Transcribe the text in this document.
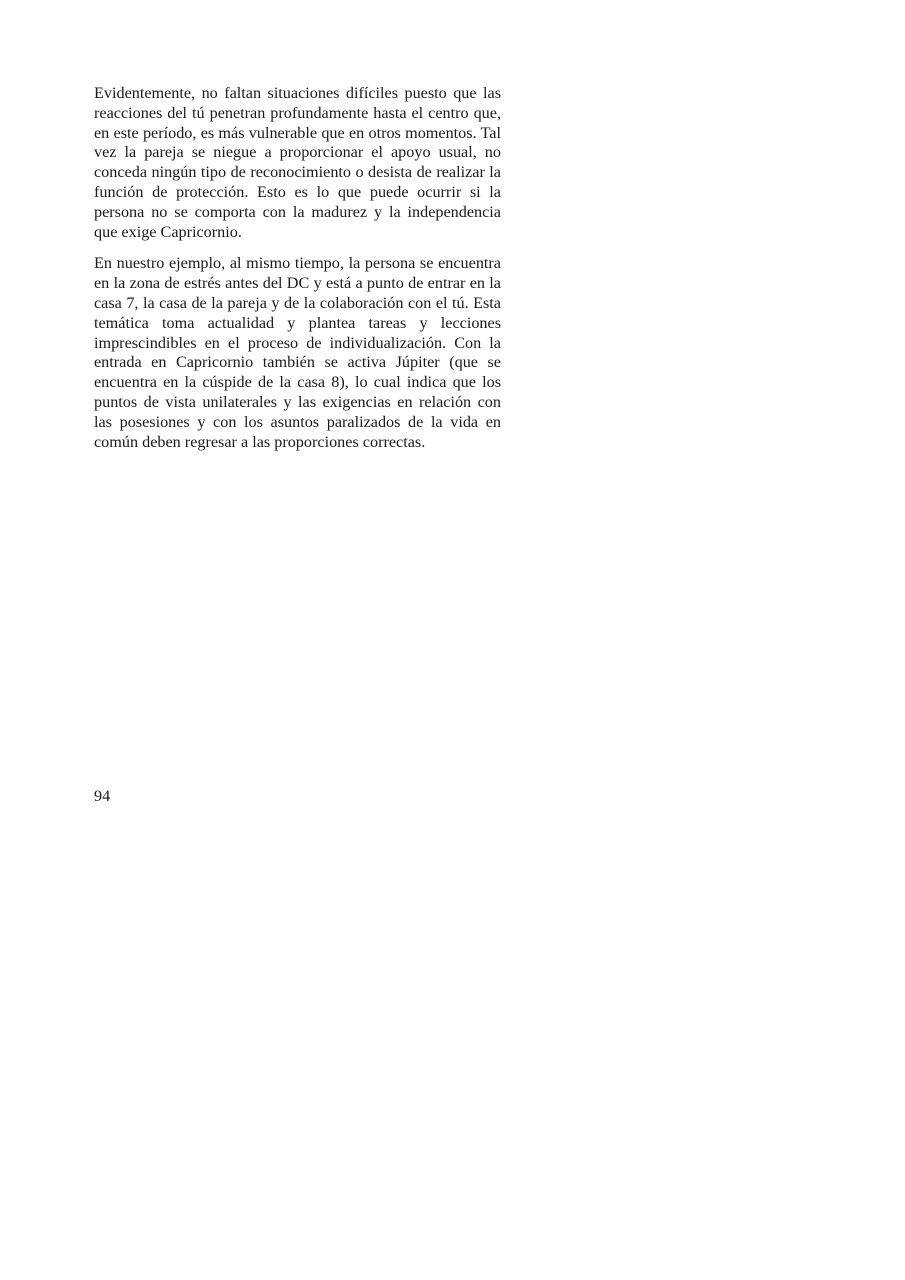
Evidentemente, no faltan situaciones difíciles puesto que las reacciones del tú penetran profundamente hasta el centro que, en este período, es más vulnerable que en otros momentos. Tal vez la pareja se niegue a proporcionar el apoyo usual, no conceda ningún tipo de reconocimiento o desista de realizar la función de protección. Esto es lo que puede ocurrir si la persona no se comporta con la madurez y la independencia que exige Capricornio.

En nuestro ejemplo, al mismo tiempo, la persona se encuentra en la zona de estrés antes del DC y está a punto de entrar en la casa 7, la casa de la pareja y de la colaboración con el tú. Esta temática toma actualidad y plantea tareas y lecciones imprescindibles en el proceso de individualización. Con la entrada en Capricornio también se activa Júpiter (que se encuentra en la cúspide de la casa 8), lo cual indica que los puntos de vista unilaterales y las exigencias en relación con las posesiones y con los asuntos paralizados de la vida en común deben regresar a las proporciones correctas.

94
